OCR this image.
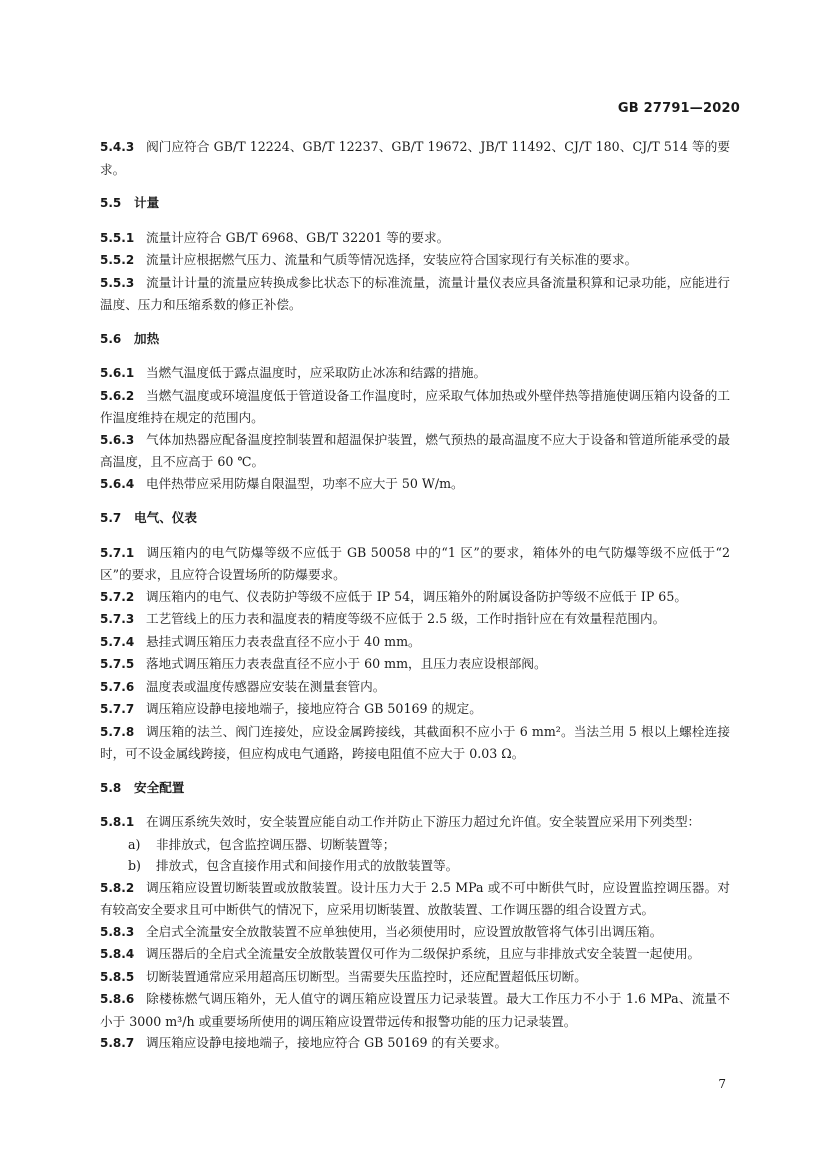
GB 27791—2020

5.4.3 阀门应符合 GB/T 12224、GB/T 12237、GB/T 19672、JB/T 11492、CJ/T 180、CJ/T 514 等的要求。

5.5 计量

5.5.1 流量计应符合 GB/T 6968、GB/T 32201 等的要求。

5.5.2 流量计应根据燃气压力、流量和气质等情况选择，安装应符合国家现行有关标准的要求。

5.5.3 流量计计量的流量应转换成参比状态下的标准流量，流量计量仪表应具备流量积算和记录功能，应能进行温度、压力和压缩系数的修正补偿。

5.6 加热

5.6.1 当燃气温度低于露点温度时，应采取防止冰冻和结露的措施。

5.6.2 当燃气温度或环境温度低于管道设备工作温度时，应采取气体加热或外壁伴热等措施使调压箱内设备的工作温度维持在规定的范围内。

5.6.3 气体加热器应配备温度控制装置和超温保护装置，燃气预热的最高温度不应大于设备和管道所能承受的最高温度，且不应高于 60 ℃。

5.6.4 电伴热带应采用防爆自限温型，功率不应大于 50 W/m。

5.7 电气、仪表

5.7.1 调压箱内的电气防爆等级不应低于 GB 50058 中的“1 区”的要求，箱体外的电气防爆等级不应低于“2 区”的要求，且应符合设置场所的防爆要求。

5.7.2 调压箱内的电气、仪表防护等级不应低于 IP 54，调压箱外的附属设备防护等级不应低于 IP 65。

5.7.3 工艺管线上的压力表和温度表的精度等级不应低于 2.5 级，工作时指针应在有效量程范围内。

5.7.4 悬挂式调压箱压力表表盘直径不应小于 40 mm。

5.7.5 落地式调压箱压力表表盘直径不应小于 60 mm，且压力表应设根部阀。

5.7.6 温度表或温度传感器应安装在测量套管内。

5.7.7 调压箱应设静电接地端子，接地应符合 GB 50169 的规定。

5.7.8 调压箱的法兰、阀门连接处，应设金属跨接线，其截面积不应小于 6 mm²。当法兰用 5 根以上螺栓连接时，可不设金属线跨接，但应构成电气通路，跨接电阻值不应大于 0.03 Ω。

5.8 安全配置

5.8.1 在调压系统失效时，安全装置应能自动工作并防止下游压力超过允许值。安全装置应采用下列类型：

a) 非排放式，包含监控调压器、切断装置等；

b) 排放式，包含直接作用式和间接作用式的放散装置等。

5.8.2 调压箱应设置切断装置或放散装置。设计压力大于 2.5 MPa 或不可中断供气时，应设置监控调压器。对有较高安全要求且可中断供气的情况下，应采用切断装置、放散装置、工作调压器的组合设置方式。

5.8.3 全启式全流量安全放散装置不应单独使用，当必须使用时，应设置放散管将气体引出调压箱。

5.8.4 调压器后的全启式全流量安全放散装置仅可作为二级保护系统，且应与非排放式安全装置一起使用。

5.8.5 切断装置通常应采用超高压切断型。当需要失压监控时，还应配置超低压切断。

5.8.6 除楼栋燃气调压箱外，无人值守的调压箱应设置压力记录装置。最大工作压力不小于 1.6 MPa、流量不小于 3000 m³/h 或重要场所使用的调压箱应设置带远传和报警功能的压力记录装置。

5.8.7 调压箱应设静电接地端子，接地应符合 GB 50169 的有关要求。

7
